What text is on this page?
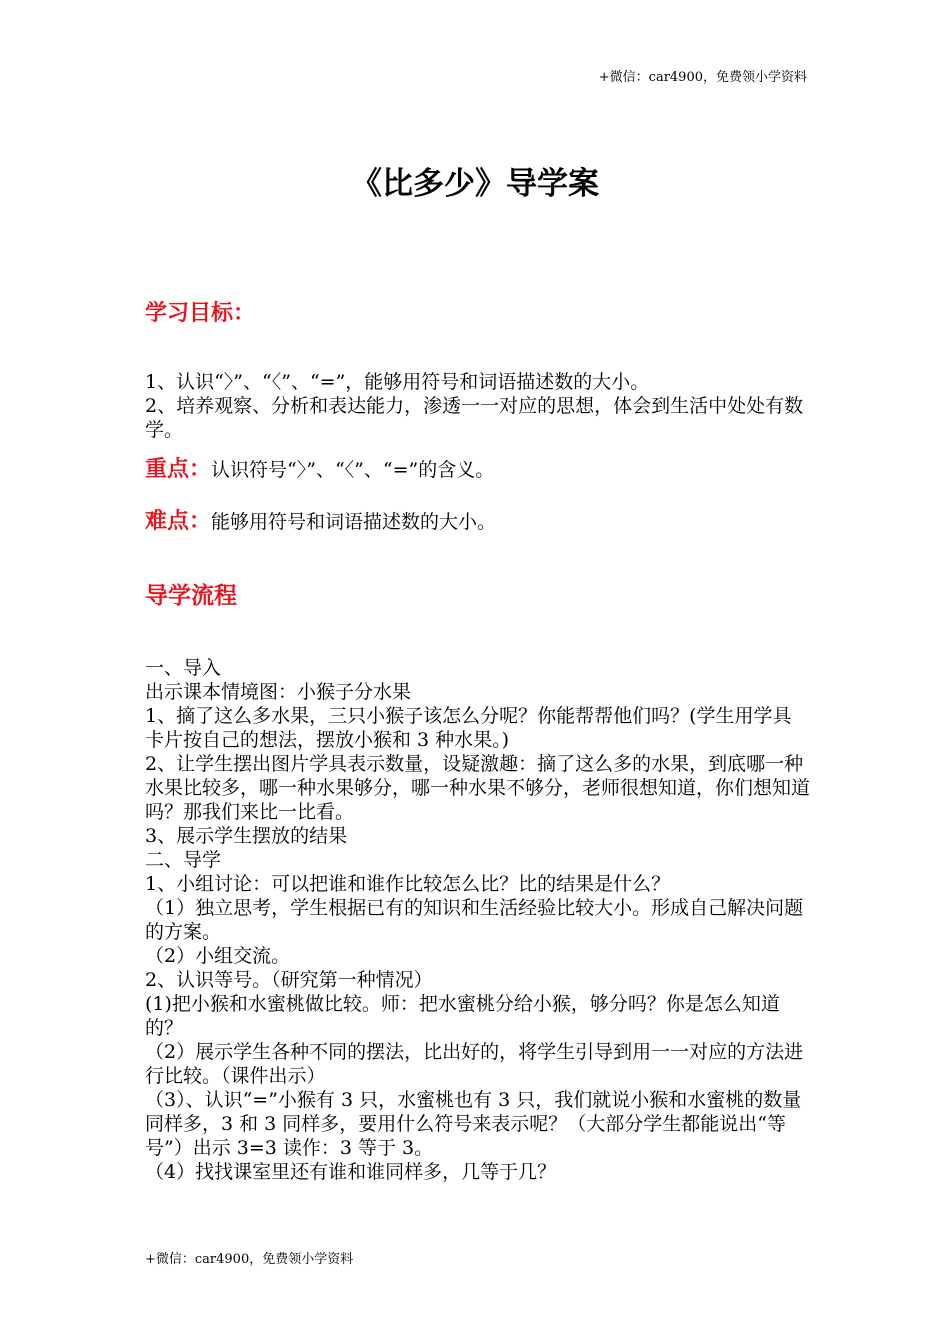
+微信：car4900，免费领小学资料
《比多少》导学案
学习目标：
1、认识“〉”、“〈”、“=”，能够用符号和词语描述数的大小。
2、培养观察、分析和表达能力，渗透一一对应的思想，体会到生活中处处有数学。
重点：认识符号“〉”、“〈”、“=”的含义。
难点：能够用符号和词语描述数的大小。
导学流程
一、导入
出示课本情境图：小猴子分水果
1、摘了这么多水果，三只小猴子该怎么分呢？你能帮帮他们吗？(学生用学具卡片按自己的想法，摆放小猴和 3 种水果。)
2、让学生摆出图片学具表示数量，设疑激趣：摘了这么多的水果，到底哪一种水果比较多，哪一种水果够分，哪一种水果不够分，老师很想知道，你们想知道吗？那我们来比一比看。
3、展示学生摆放的结果
二、导学
1、小组讨论：可以把谁和谁作比较怎么比？比的结果是什么？
（1）独立思考，学生根据已有的知识和生活经验比较大小。形成自己解决问题的方案。
（2）小组交流。
2、认识等号。（研究第一种情况）
(1)把小猴和水蜜桃做比较。师：把水蜜桃分给小猴，够分吗？你是怎么知道的？
（2）展示学生各种不同的摆法，比出好的，将学生引导到用一一对应的方法进行比较。（课件出示）
（3）、认识“=”小猴有 3 只，水蜜桃也有 3 只，我们就说小猴和水蜜桃的数量同样多，3 和 3 同样多，要用什么符号来表示呢？（大部分学生都能说出“等号”）出示 3=3 读作：3 等于 3。
（4）找找课室里还有谁和谁同样多，几等于几？
+微信：car4900，免费领小学资料
